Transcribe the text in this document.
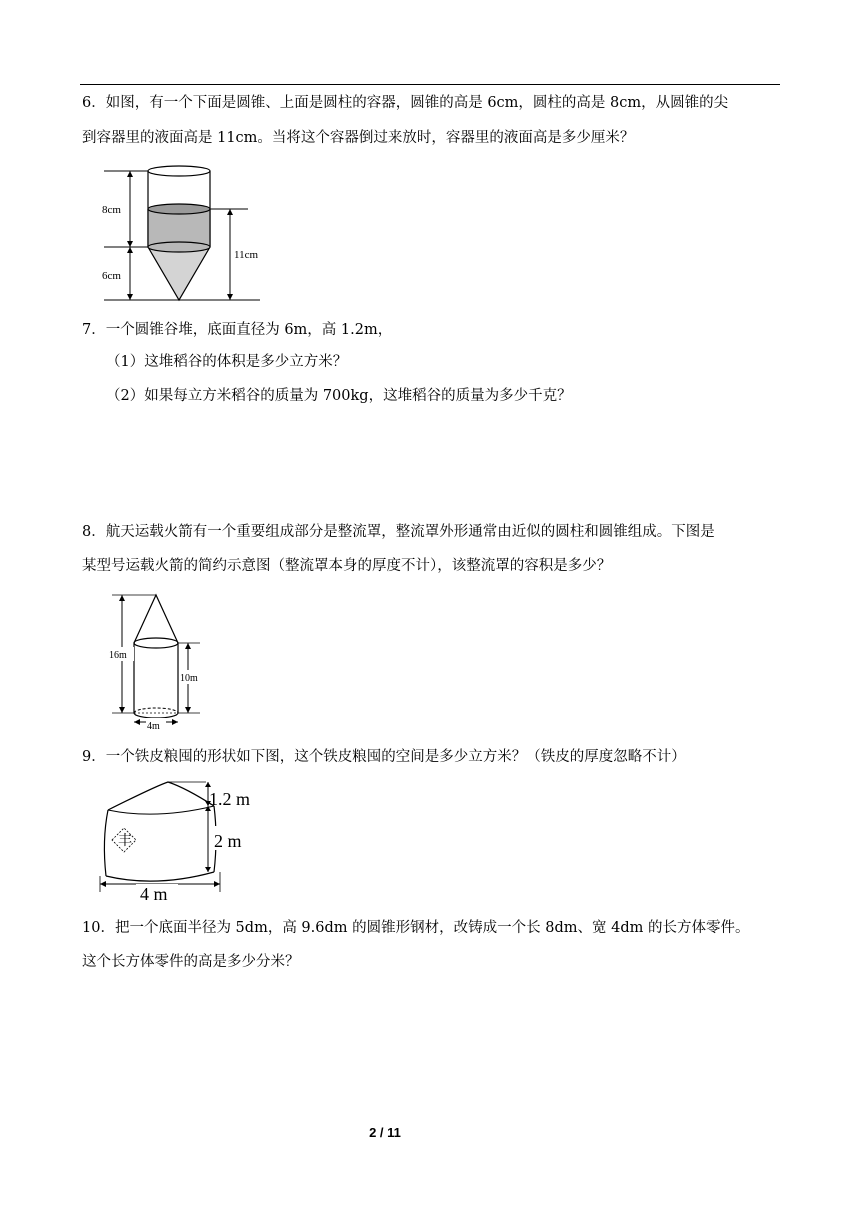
6．如图，有一个下面是圆锥、上面是圆柱的容器，圆锥的高是 6cm，圆柱的高是 8cm，从圆锥的尖
到容器里的液面高是 11cm。当将这个容器倒过来放时，容器里的液面高是多少厘米？
8cm
6cm
11cm
7．一个圆锥谷堆，底面直径为 6m，高 1.2m，
（1）这堆稻谷的体积是多少立方米？
（2）如果每立方米稻谷的质量为 700kg，这堆稻谷的质量为多少千克？
8．航天运载火箭有一个重要组成部分是整流罩，整流罩外形通常由近似的圆柱和圆锥组成。下图是
某型号运载火箭的简约示意图（整流罩本身的厚度不计），该整流罩的容积是多少？
16m
10m
4m
9．一个铁皮粮囤的形状如下图，这个铁皮粮囤的空间是多少立方米？（铁皮的厚度忽略不计）
丰
1.2 m
2 m
4 m
10．把一个底面半径为 5dm，高 9.6dm 的圆锥形钢材，改铸成一个长 8dm、宽 4dm 的长方体零件。
这个长方体零件的高是多少分米？
2 / 11
